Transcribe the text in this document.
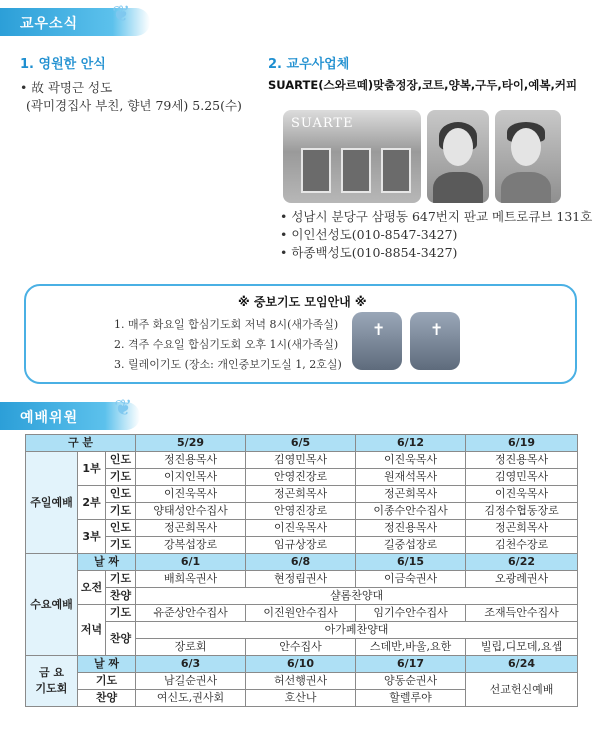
교우소식 ❦
1. 영원한 안식
• 故 곽명근 성도
(곽미경집사 부친, 향년 79세) 5.25(수)
2. 교우사업체
SUARTE(스와르떼)맞춤정장,코트,양복,구두,타이,예복,커피
SUARTE
• 성남시 분당구 삼평동 647번지 판교 메트로큐브 131호
• 이인선성도(010-8547-3427)
• 하종백성도(010-8854-3427)
※ 중보기도 모임안내 ※
1. 매주 화요일 합심기도회 저녁 8시(새가족실)
2. 격주 수요일 합심기도회 오후 1시(새가족실)
3. 릴레이기도 (장소: 개인중보기도실 1, 2호실)
✝	✝
예배위원 ❦
구 분			5/29	6/5	6/12	6/19
주일예배	1부	인도	정진용목사	김영민목사	이진욱목사	정진용목사
		기도	이지인목사	안영진장로	원재석목사	김영민목사
	2부	인도	이진욱목사	정곤희목사	정곤희목사	이진욱목사
		기도	양태성안수집사	안영진장로	이종수안수집사	김정수협동장로
	3부	인도	정곤희목사	이진욱목사	정진용목사	정곤희목사
		기도	강복섭장로	임규상장로	길중섭장로	김천수장로
수요예배	날 짜		6/1	6/8	6/15	6/22
	오전	기도	배희옥권사	현정림권사	이금숙권사	오광례권사
		찬양	샬롬찬양대			
	저녁	기도	유준상안수집사	이진원안수집사	임기수안수집사	조재득안수집사
		찬양	아가페찬양대			
			장로회	안수집사	스데반,바울,요한	빌립,디모데,요셉

금 요
기도회	날 짜		6/3	6/10	6/17	6/24
	기도		남길순권사	허선행권사	양동순권사	선교헌신예배
	찬양		여신도,권사회	호산나	할렐루야	
